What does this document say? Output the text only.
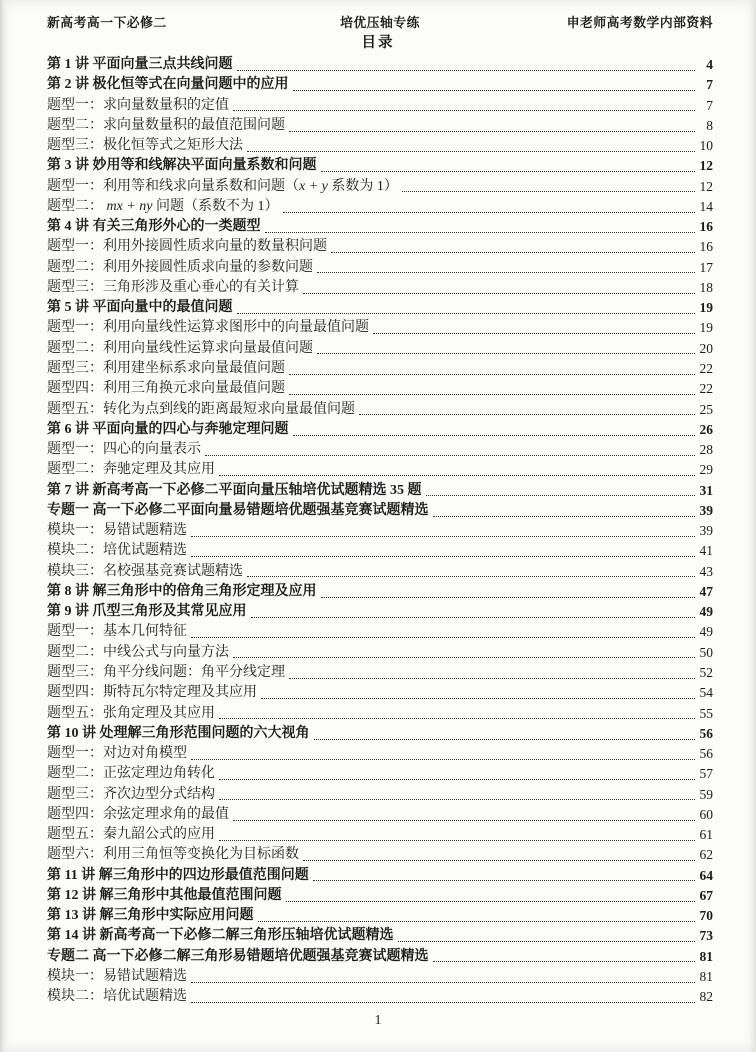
新高考高一下必修二	培优压轴专练	申老师高考数学内部资料
目录
第 1 讲 平面向量三点共线问题	4
第 2 讲 极化恒等式在向量问题中的应用	7
题型一：求向量数量积的定值	7
题型二：求向量数量积的最值范围问题	8
题型三：极化恒等式之矩形大法	10
第 3 讲 妙用等和线解决平面向量系数和问题	12
题型一：利用等和线求向量系数和问题（x + y 系数为 1）	12
题型二： mx + ny 问题（系数不为 1）	14
第 4 讲 有关三角形外心的一类题型	16
题型一：利用外接圆性质求向量的数量积问题	16
题型二：利用外接圆性质求向量的参数问题	17
题型三：三角形涉及重心垂心的有关计算	18
第 5 讲 平面向量中的最值问题	19
题型一：利用向量线性运算求图形中的向量最值问题	19
题型二：利用向量线性运算求向量最值问题	20
题型三：利用建坐标系求向量最值问题	22
题型四：利用三角换元求向量最值问题	22
题型五：转化为点到线的距离最短求向量最值问题	25
第 6 讲 平面向量的四心与奔驰定理问题	26
题型一：四心的向量表示	28
题型二：奔驰定理及其应用	29
第 7 讲 新高考高一下必修二平面向量压轴培优试题精选 35 题	31
专题一 高一下必修二平面向量易错题培优题强基竞赛试题精选	39
模块一：易错试题精选	39
模块二：培优试题精选	41
模块三：名校强基竞赛试题精选	43
第 8 讲 解三角形中的倍角三角形定理及应用	47
第 9 讲 爪型三角形及其常见应用	49
题型一：基本几何特征	49
题型二：中线公式与向量方法	50
题型三：角平分线问题：角平分线定理	52
题型四：斯特瓦尔特定理及其应用	54
题型五：张角定理及其应用	55
第 10 讲 处理解三角形范围问题的六大视角	56
题型一：对边对角模型	56
题型二：正弦定理边角转化	57
题型三：齐次边型分式结构	59
题型四：余弦定理求角的最值	60
题型五：秦九韶公式的应用	61
题型六：利用三角恒等变换化为目标函数	62
第 11 讲 解三角形中的四边形最值范围问题	64
第 12 讲 解三角形中其他最值范围问题	67
第 13 讲 解三角形中实际应用问题	70
第 14 讲 新高考高一下必修二解三角形压轴培优试题精选	73
专题二 高一下必修二解三角形易错题培优题强基竞赛试题精选	81
模块一：易错试题精选	81
模块二：培优试题精选	82
1
